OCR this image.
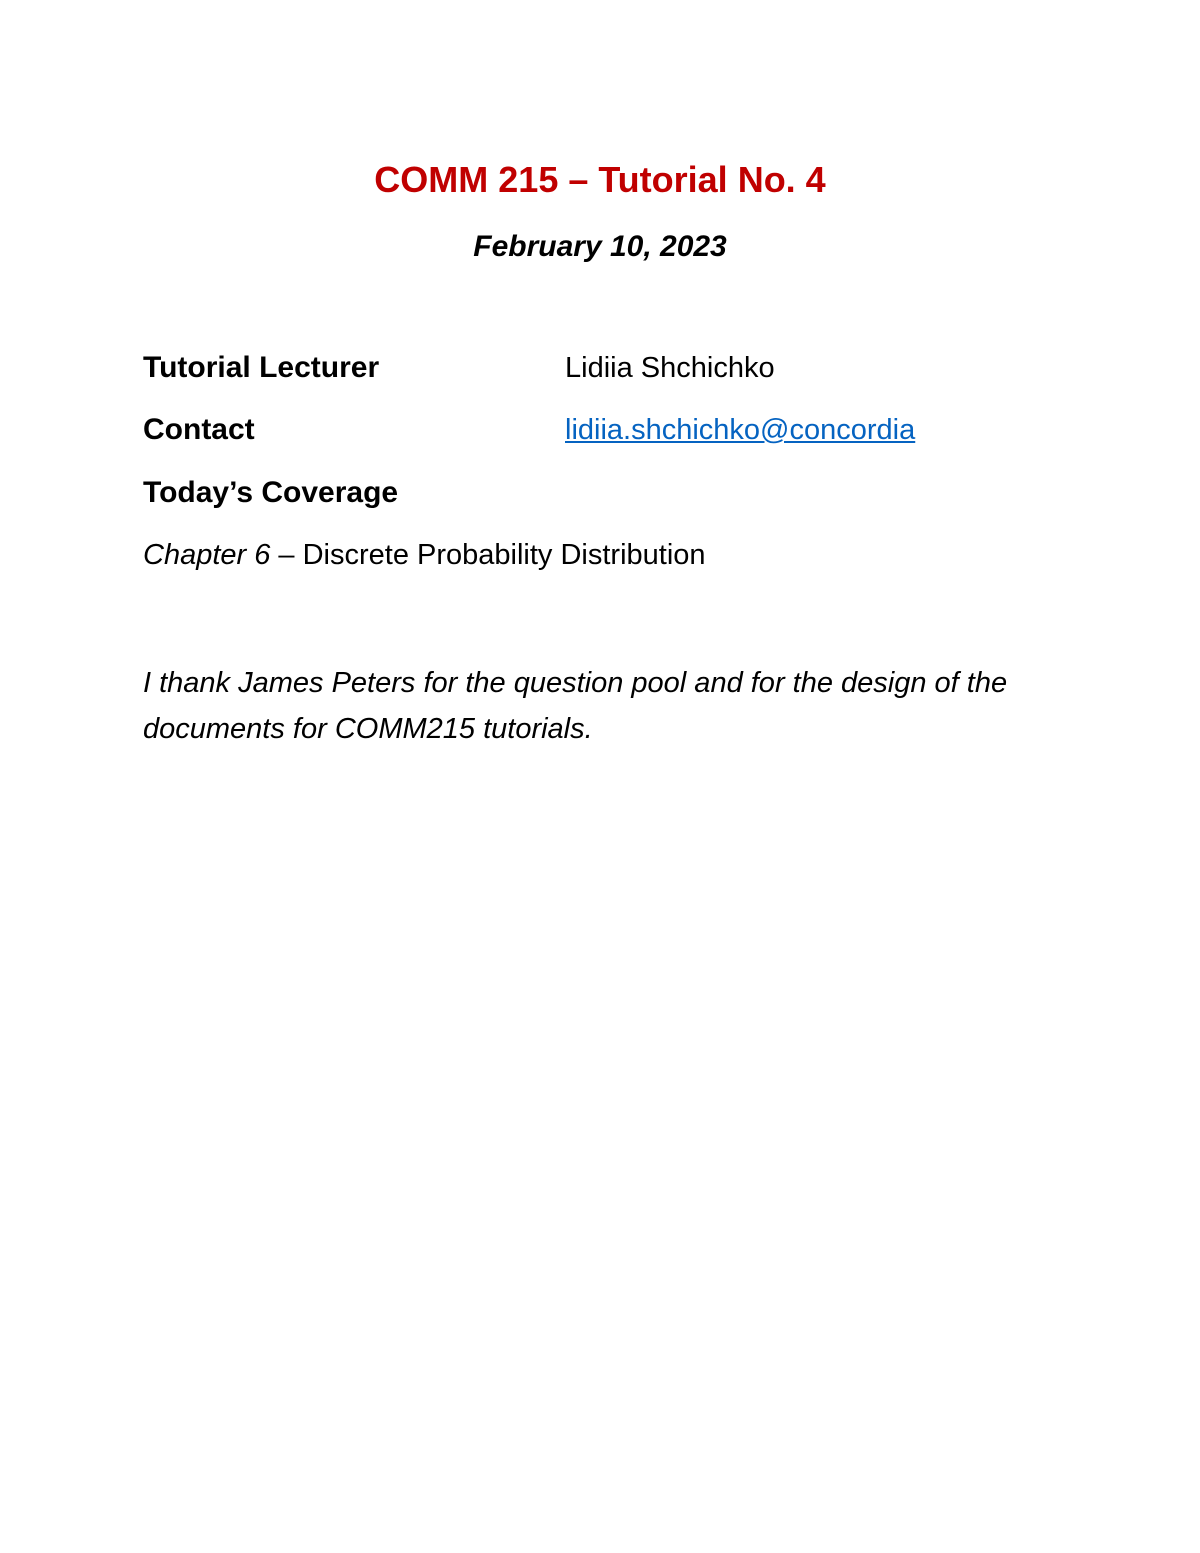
COMM 215 – Tutorial No. 4
February 10, 2023
Tutorial Lecturer	Lidiia Shchichko
Contact	lidiia.shchichko@concordia
Today’s Coverage
Chapter 6 – Discrete Probability Distribution

I thank James Peters for the question pool and for the design of the documents for COMM215 tutorials.
